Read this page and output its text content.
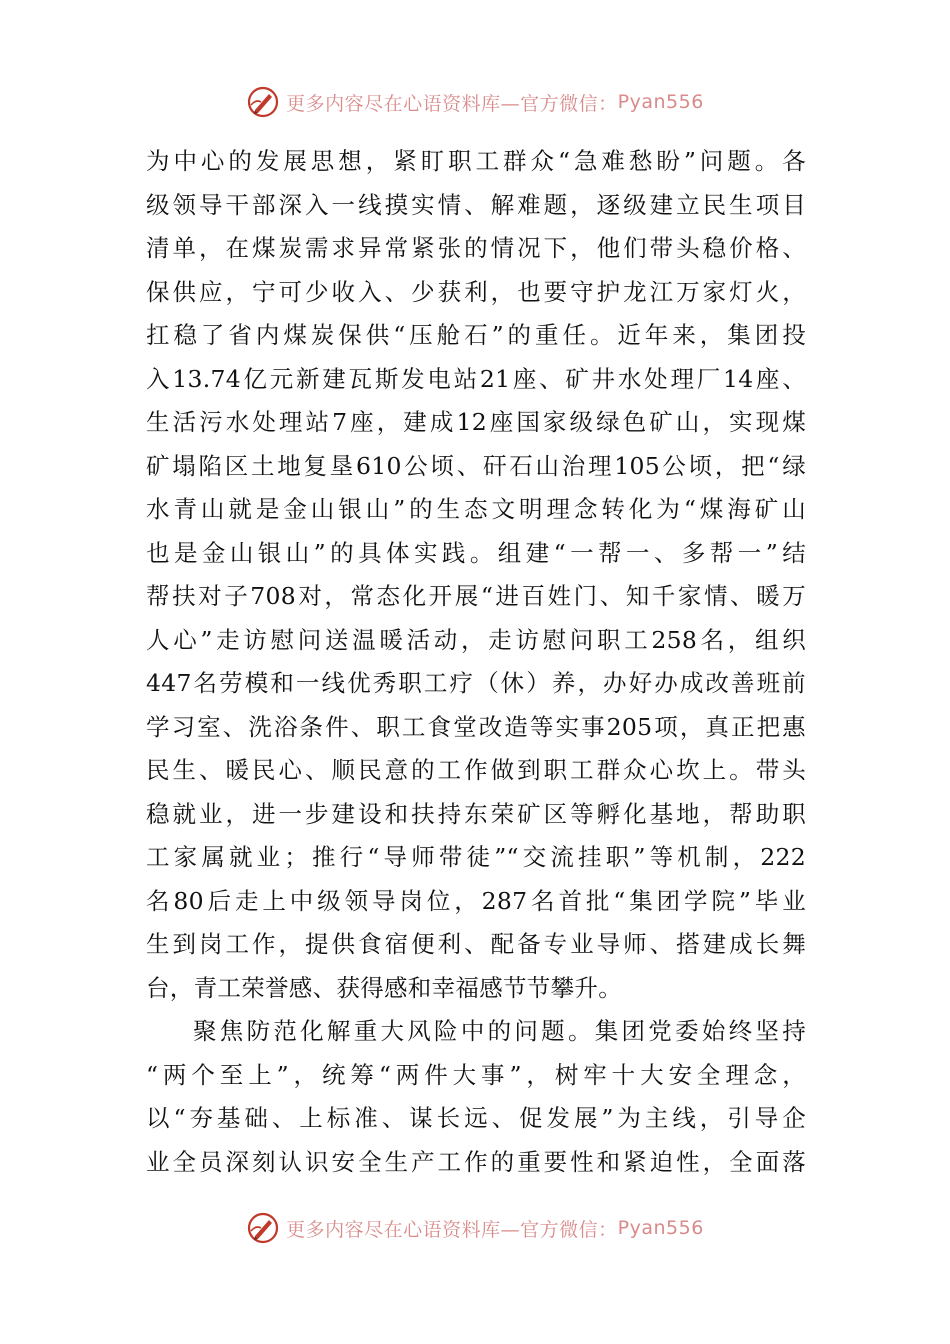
更多内容尽在心语资料库—官方微信： Pyan556
为中心的发展思想，紧盯职工群众“急难愁盼”问题。各
级领导干部深入一线摸实情、解难题，逐级建立民生项目
清单，在煤炭需求异常紧张的情况下，他们带头稳价格、
保供应，宁可少收入、少获利，也要守护龙江万家灯火，
扛稳了省内煤炭保供“压舱石”的重任。近年来，集团投
入13.74亿元新建瓦斯发电站21座、矿井水处理厂14座、
生活污水处理站7座，建成12座国家级绿色矿山，实现煤
矿塌陷区土地复垦610公顷、矸石山治理105公顷，把“绿
水青山就是金山银山”的生态文明理念转化为“煤海矿山
也是金山银山”的具体实践。组建“一帮一、多帮一”结
帮扶对子708对，常态化开展“进百姓门、知千家情、暖万
人心”走访慰问送温暖活动，走访慰问职工258名，组织
447名劳模和一线优秀职工疗（休）养，办好办成改善班前
学习室、洗浴条件、职工食堂改造等实事205项，真正把惠
民生、暖民心、顺民意的工作做到职工群众心坎上。带头
稳就业，进一步建设和扶持东荣矿区等孵化基地，帮助职
工家属就业；推行“导师带徒”“交流挂职”等机制，222
名80后走上中级领导岗位，287名首批“集团学院”毕业
生到岗工作，提供食宿便利、配备专业导师、搭建成长舞
台，青工荣誉感、获得感和幸福感节节攀升。
聚焦防范化解重大风险中的问题。集团党委始终坚持
“两个至上”，统筹“两件大事”，树牢十大安全理念，
以“夯基础、上标准、谋长远、促发展”为主线，引导企
业全员深刻认识安全生产工作的重要性和紧迫性，全面落
更多内容尽在心语资料库—官方微信： Pyan556
